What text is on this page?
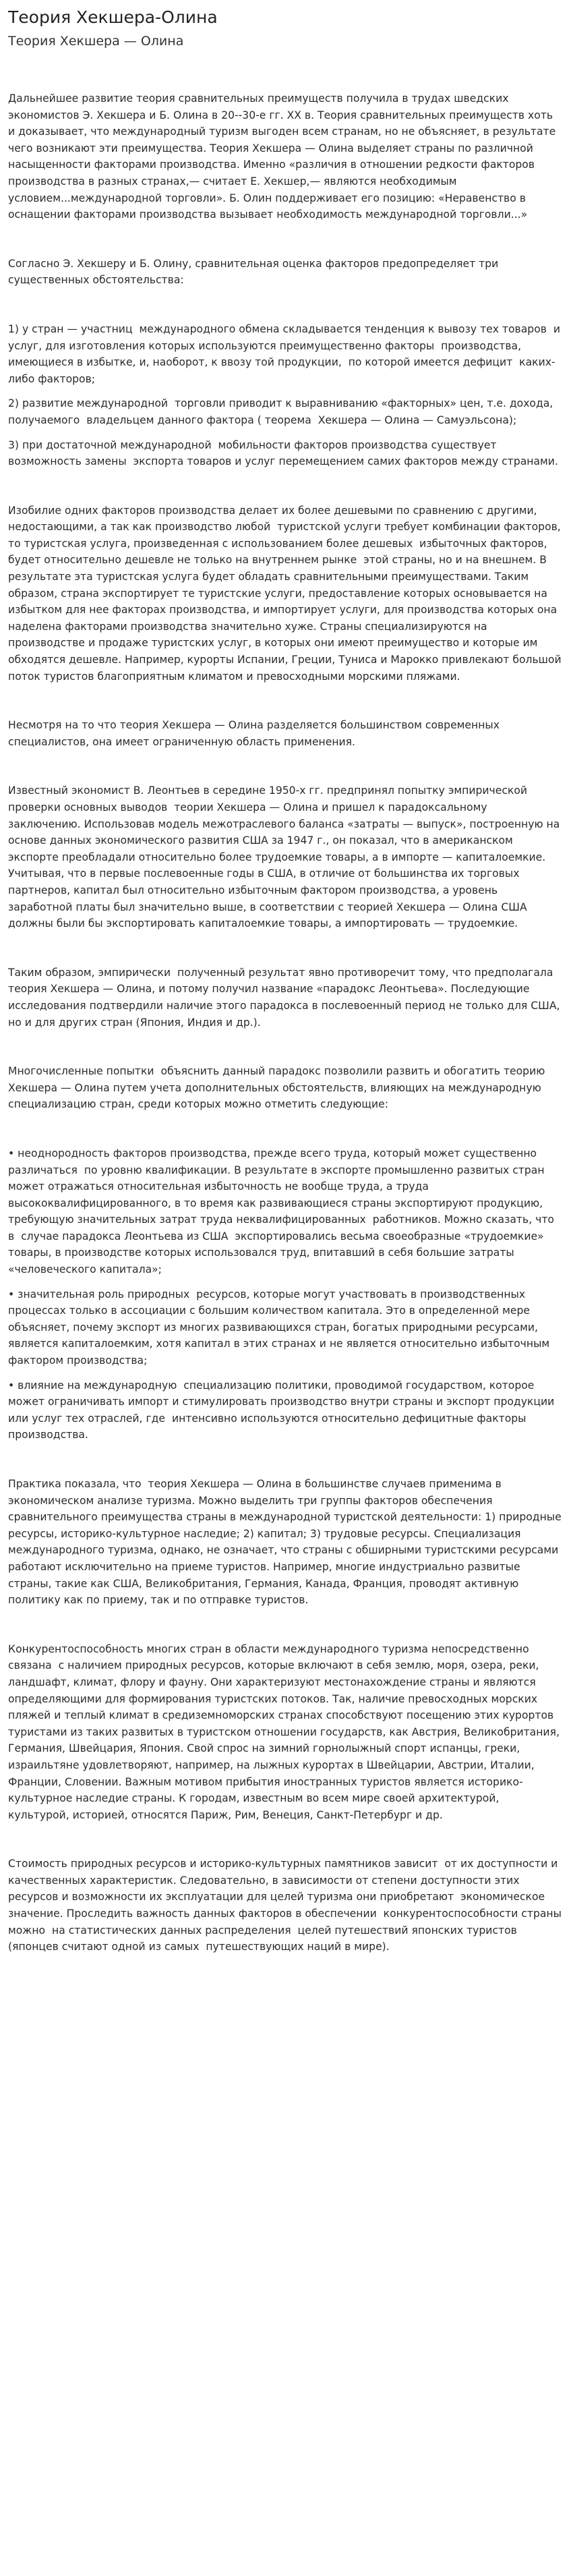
Теория Хекшера-Олина

Теория Хекшера — Олина

Дальнейшее развитие теория сравнительных преимуществ получила в трудах шведских экономистов Э. Хекшера и Б. Олина в 20--30-е гг. XX в. Теория сравнительных преимуществ хоть и доказывает, что международный туризм выгоден всем странам, но не объясняет, в результате чего возникают эти преимущества. Теория Хекшера — Олина выделяет страны по различной насыщенности факторами производства. Именно «различия в отношении редкости факторов производства в разных странах,— считает Е. Хекшер,— являются необходимым условием...международной торговли». Б. Олин поддерживает его позицию: «Неравенство в оснащении факторами производства вызывает необходимость международной торговли...»

Согласно Э. Хекшеру и Б. Олину, сравнительная оценка факторов предопределяет три существенных обстоятельства:

1) у стран — участниц  международного обмена складывается тенденция к вывозу тех товаров  и услуг, для изготовления которых используются преимущественно факторы  производства, имеющиеся в избытке, и, наоборот, к ввозу той продукции,  по которой имеется дефицит  каких-либо факторов;

2) развитие международной  торговли приводит к выравниванию «факторных» цен, т.е. дохода, получаемого  владельцем данного фактора ( теорема  Хекшера — Олина — Самуэльсона);

3) при достаточной международной  мобильности факторов производства существует возможность замены  экспорта товаров и услуг перемещением самих факторов между странами.

Изобилие одних факторов производства делает их более дешевыми по сравнению с другими, недостающими, а так как производство любой  туристской услуги требует комбинации факторов, то туристская услуга, произведенная с использованием более дешевых  избыточных факторов, будет относительно дешевле не только на внутреннем рынке  этой страны, но и на внешнем. В результате эта туристская услуга будет обладать сравнительными преимуществами. Таким  образом, страна экспортирует те туристские услуги, предоставление которых основывается на избытком для нее факторах производства, и импортирует услуги, для производства которых она наделена факторами производства значительно хуже. Страны специализируются на производстве и продаже туристских услуг, в которых они имеют преимущество и которые им обходятся дешевле. Например, курорты Испании, Греции, Туниса и Марокко привлекают большой поток туристов благоприятным климатом и превосходными морскими пляжами.

Несмотря на то что теория Хекшера — Олина разделяется большинством современных специалистов, она имеет ограниченную область применения.

Известный экономист В. Леонтьев в середине 1950-х гг. предпринял попытку эмпирической проверки основных выводов  теории Хекшера — Олина и пришел к парадоксальному заключению. Использовав модель межотраслевого баланса «затраты — выпуск», построенную на основе данных экономического развития США за 1947 г., он показал, что в американском экспорте преобладали относительно более трудоемкие товары, а в импорте — капиталоемкие. Учитывая, что в первые послевоенные годы в США, в отличие от большинства их торговых партнеров, капитал был относительно избыточным фактором производства, а уровень заработной платы был значительно выше, в соответствии с теорией Хекшера — Олина США должны были бы экспортировать капиталоемкие товары, а импортировать — трудоемкие.

Таким образом, эмпирически  полученный результат явно противоречит тому, что предполагала теория Хекшера — Олина, и потому получил название «парадокс Леонтьева». Последующие исследования подтвердили наличие этого парадокса в послевоенный период не только для США, но и для других стран (Япония, Индия и др.).

Многочисленные попытки  объяснить данный парадокс позволили развить и обогатить теорию Хекшера — Олина путем учета дополнительных обстоятельств, влияющих на международную специализацию стран, среди которых можно отметить следующие:

• неоднородность факторов производства, прежде всего труда, который может существенно различаться  по уровню квалификации. В результате в экспорте промышленно развитых стран может отражаться относительная избыточность не вообще труда, а труда высококвалифицированного, в то время как развивающиеся страны экспортируют продукцию, требующую значительных затрат труда неквалифицированных  работников. Можно сказать, что в  случае парадокса Леонтьева из США  экспортировались весьма своеобразные «трудоемкие» товары, в производстве которых использовался труд, впитавший в себя большие затраты «человеческого капитала»;

• значительная роль природных  ресурсов, которые могут участвовать в производственных процессах только в ассоциации с большим количеством капитала. Это в определенной мере объясняет, почему экспорт из многих развивающихся стран, богатых природными ресурсами, является капиталоемким, хотя капитал в этих странах и не является относительно избыточным фактором производства;

• влияние на международную  специализацию политики, проводимой государством, которое может ограничивать импорт и стимулировать производство внутри страны и экспорт продукции или услуг тех отраслей, где  интенсивно используются относительно дефицитные факторы производства.

Практика показала, что  теория Хекшера — Олина в большинстве случаев применима в экономическом анализе туризма. Можно выделить три группы факторов обеспечения сравнительного преимущества страны в международной туристской деятельности: 1) природные ресурсы, историко-культурное наследие; 2) капитал; 3) трудовые ресурсы. Специализация международного туризма, однако, не означает, что страны с обширными туристскими ресурсами работают исключительно на приеме туристов. Например, многие индустриально развитые страны, такие как США, Великобритания, Германия, Канада, Франция, проводят активную политику как по приему, так и по отправке туристов.

Конкурентоспособность многих стран в области международного туризма непосредственно связана  с наличием природных ресурсов, которые включают в себя землю, моря, озера, реки, ландшафт, климат, флору и фауну. Они характеризуют местонахождение страны и являются определяющими для формирования туристских потоков. Так, наличие превосходных морских пляжей и теплый климат в средиземноморских странах способствуют посещению этих курортов туристами из таких развитых в туристском отношении государств, как Австрия, Великобритания, Германия, Швейцария, Япония. Свой спрос на зимний горнолыжный спорт испанцы, греки, израильтяне удовлетворяют, например, на лыжных курортах в Швейцарии, Австрии, Италии, Франции, Словении. Важным мотивом прибытия иностранных туристов является историко-культурное наследие страны. К городам, известным во всем мире своей архитектурой, культурой, историей, относятся Париж, Рим, Венеция, Санкт-Петербург и др.

Стоимость природных ресурсов и историко-культурных памятников зависит  от их доступности и качественных характеристик. Следовательно, в зависимости от степени доступности этих ресурсов и возможности их эксплуатации для целей туризма они приобретают  экономическое значение. Проследить важность данных факторов в обеспечении  конкурентоспособности страны можно  на статистических данных распределения  целей путешествий японских туристов (японцев считают одной из самых  путешествующих наций в мире).
